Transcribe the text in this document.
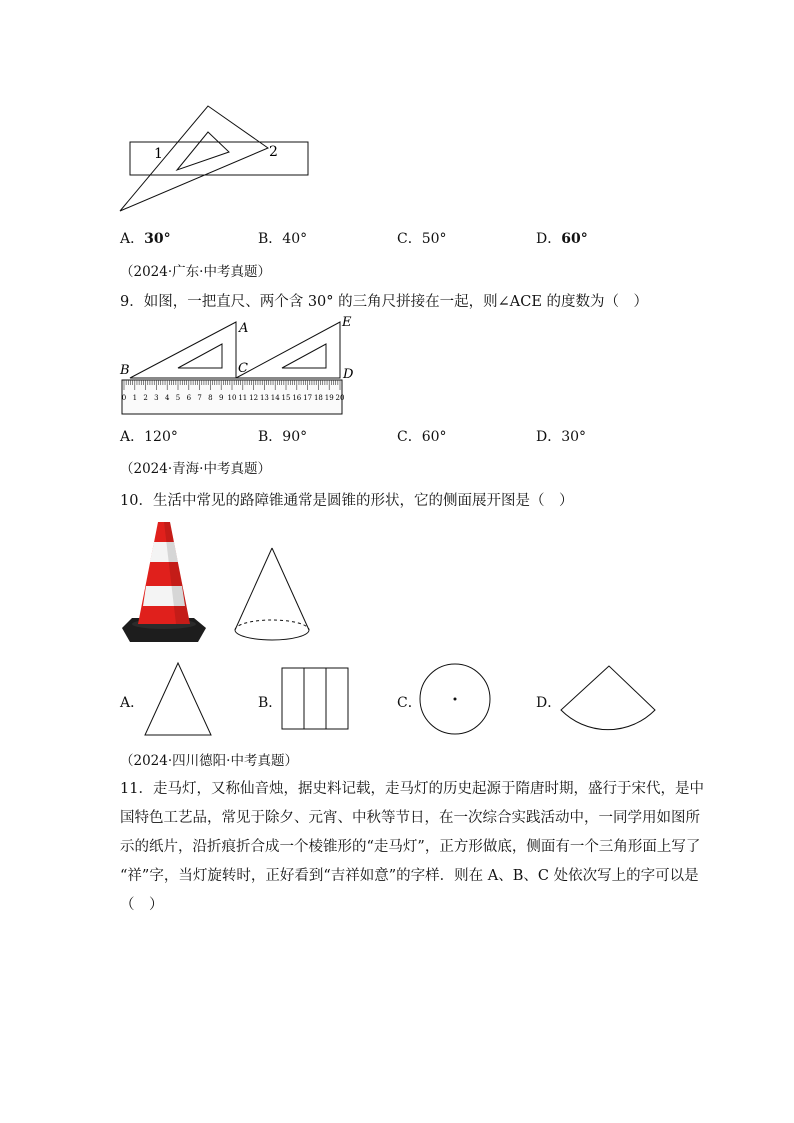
1	2
A．30°	B．40°	C．50°	D．60°
（2024·广东·中考真题）
9．如图，一把直尺、两个含 30° 的三角尺拼接在一起，则∠ACE 的度数为（　）
0 1 2 3 4 5 6 7 8 9 10 11 12 13 14 15 16 17 18 19 20
A
B	C	D
E
A．120°	B．90°	C．60°	D．30°
（2024·青海·中考真题）
10．生活中常见的路障锥通常是圆锥的形状，它的侧面展开图是（　）
A．	B．	C．	D．
（2024·四川德阳·中考真题）
11．走马灯，又称仙音烛，据史料记载，走马灯的历史起源于隋唐时期，盛行于宋代，是中
国特色工艺品，常见于除夕、元宵、中秋等节日，在一次综合实践活动中，一同学用如图所
示的纸片，沿折痕折合成一个棱锥形的“走马灯”，正方形做底，侧面有一个三角形面上写了
“祥”字，当灯旋转时，正好看到“吉祥如意”的字样．则在 A、B、C 处依次写上的字可以是
（　）
